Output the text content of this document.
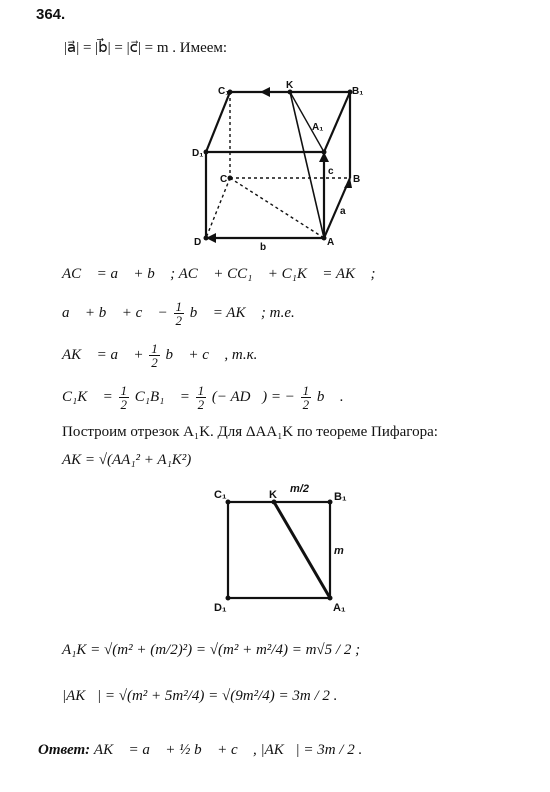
364.
|a⃗| = |b⃗| = |c⃗| = m . Имеем:
C₁
K
B₁
A₁
D₁
C	B
D	A
a
b
c
AC⃗ = a⃗ + b⃗ ; AC⃗ + CC₁⃗ + C₁K⃗ = AK⃗ ;
a⃗ + b⃗ + c⃗ − $\frac{1}{2}$ b⃗ = AK⃗ ; т.е.
AK⃗ = a⃗ + $\frac{1}{2}$ b⃗ + c⃗ , т.к.
C₁K⃗ = $\frac{1}{2}$ C₁B₁⃗ = $\frac{1}{2}$ (− AD⃗) = − $\frac{1}{2}$ b⃗ .
Построим отрезок A₁K. Для ΔAA₁K по теореме Пифагора:
AK = √(AA₁² + A₁K²)
C₁	K m/2
B₁
m
D₁	A₁
A₁K = √(m² + (m/2)²) = √(m² + m²/4) = m√5 / 2 ;
|AK⃗| = √(m² + 5m²/4) = √(9m²/4) = 3m / 2 .
Ответ: AK⃗ = a⃗ + ½ b⃗ + c⃗ , |AK⃗| = 3m / 2 .
